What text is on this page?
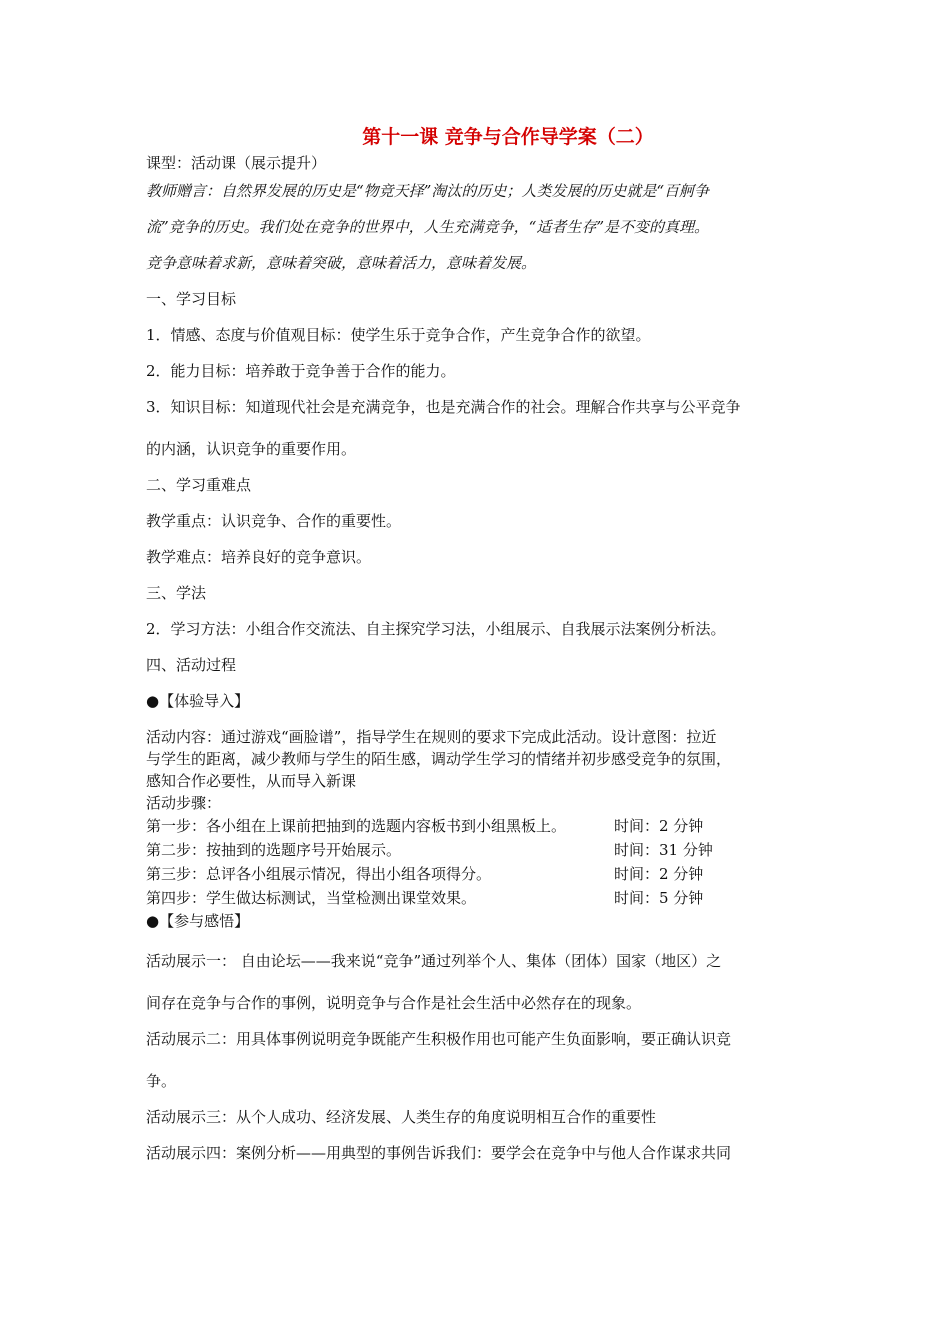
第十一课 竞争与合作导学案（二）

课型：活动课（展示提升）

教师赠言：自然界发展的历史是“物竞天择”淘汰的历史；人类发展的历史就是“百舸争

流”竞争的历史。我们处在竞争的世界中，人生充满竞争，“适者生存”是不变的真理。

竞争意味着求新，意味着突破，意味着活力，意味着发展。

一、学习目标

1．情感、态度与价值观目标：使学生乐于竞争合作，产生竞争合作的欲望。

2．能力目标：培养敢于竞争善于合作的能力。

3．知识目标：知道现代社会是充满竞争，也是充满合作的社会。理解合作共享与公平竞争

的内涵，认识竞争的重要作用。

二、学习重难点

教学重点：认识竞争、合作的重要性。

教学难点：培养良好的竞争意识。

三、学法

2．学习方法：小组合作交流法、自主探究学习法，小组展示、自我展示法案例分析法。

四、活动过程

●【体验导入】

活动内容：通过游戏“画脸谱”，指导学生在规则的要求下完成此活动。设计意图：拉近

与学生的距离，减少教师与学生的陌生感，调动学生学习的情绪并初步感受竞争的氛围，

感知合作必要性，从而导入新课

活动步骤：

第一步：各小组在上课前把抽到的选题内容板书到小组黑板上。	时间：2 分钟
第二步：按抽到的选题序号开始展示。	时间：31 分钟
第三步：总评各小组展示情况，得出小组各项得分。	时间：2 分钟
第四步：学生做达标测试，当堂检测出课堂效果。	时间：5 分钟

●【参与感悟】

活动展示一： 自由论坛——我来说“竞争”通过列举个人、集体（团体）国家（地区）之

间存在竞争与合作的事例，说明竞争与合作是社会生活中必然存在的现象。

活动展示二：用具体事例说明竞争既能产生积极作用也可能产生负面影响，要正确认识竞

争。

活动展示三：从个人成功、经济发展、人类生存的角度说明相互合作的重要性

活动展示四：案例分析——用典型的事例告诉我们：要学会在竞争中与他人合作谋求共同
